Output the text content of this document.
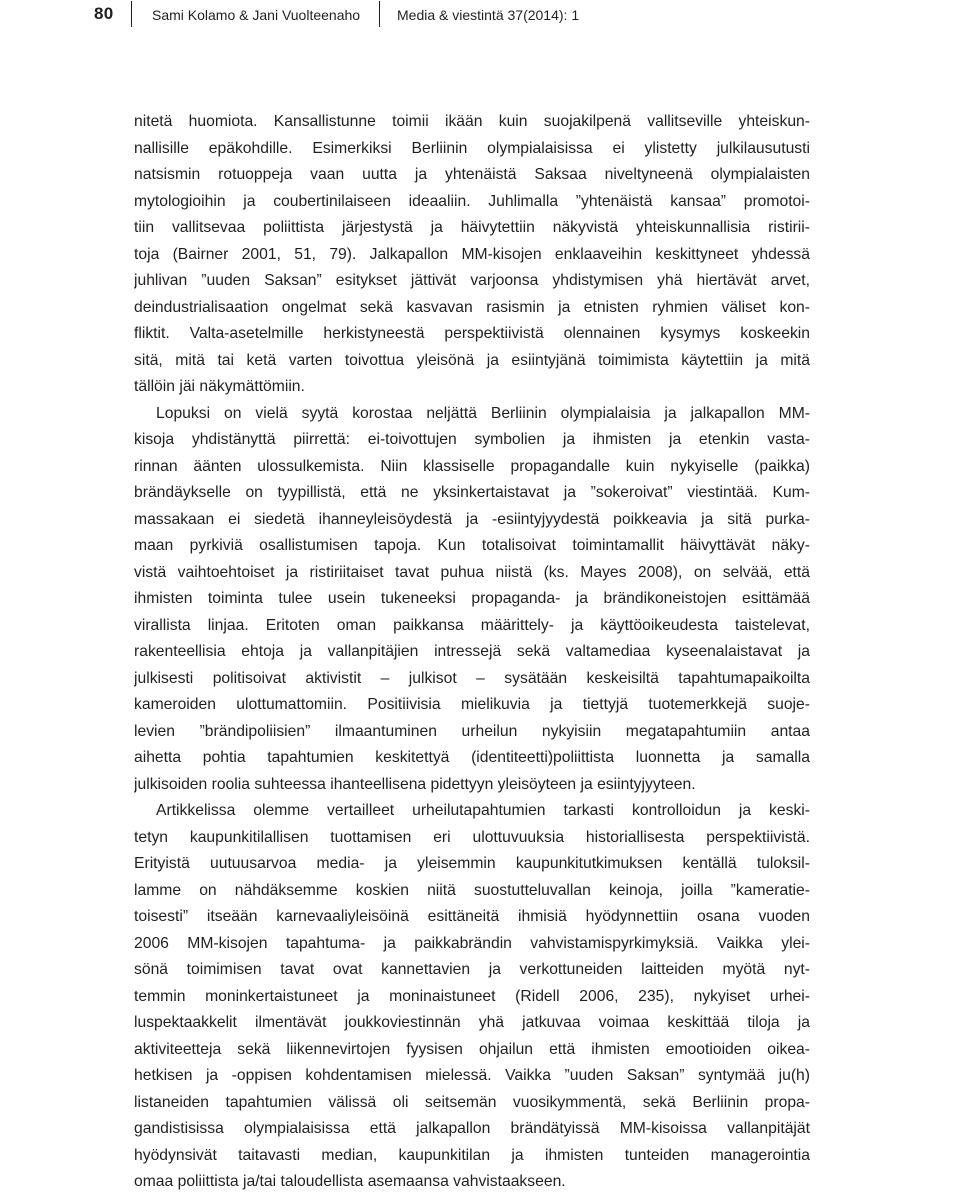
80	Sami Kolamo & Jani Vuolteenaho	Media & viestintä 37(2014): 1
nitetä huomiota. Kansallistunne toimii ikään kuin suojakilpenä vallitseville yhteiskun-
nallisille epäkohdille. Esimerkiksi Berliinin olympialaisissa ei ylistetty julkilausutusti
natsismin rotuoppeja vaan uutta ja yhtenäistä Saksaa niveltyneenä olympialaisten
mytologioihin ja coubertinilaiseen ideaaliin. Juhlimalla ”yhtenäistä kansaa” promotoi-
tiin vallitsevaa poliittista järjestystä ja häivytettiin näkyvistä yhteiskunnallisia ristirii-
toja (Bairner 2001, 51, 79). Jalkapallon MM-kisojen enklaaveihin keskittyneet yhdessä
juhlivan ”uuden Saksan” esitykset jättivät varjoonsa yhdistymisen yhä hiertävät arvet,
deindustrialisaation ongelmat sekä kasvavan rasismin ja etnisten ryhmien väliset kon-
fliktit. Valta-asetelmille herkistyneestä perspektiivistä olennainen kysymys koskeekin
sitä, mitä tai ketä varten toivottua yleisönä ja esiintyjänä toimimista käytettiin ja mitä
tällöin jäi näkymättömiin.
Lopuksi on vielä syytä korostaa neljättä Berliinin olympialaisia ja jalkapallon MM-
kisoja yhdistänyttä piirrettä: ei-toivottujen symbolien ja ihmisten ja etenkin vasta-
rinnan äänten ulossulkemista. Niin klassiselle propagandalle kuin nykyiselle (paikka)
brändäykselle on tyypillistä, että ne yksinkertaistavat ja ”sokeroivat” viestintää. Kum-
massakaan ei siedetä ihanneyleisöydestä ja -esiintyjyydestä poikkeavia ja sitä purka-
maan pyrkiviä osallistumisen tapoja. Kun totalisoivat toimintamallit häivyttävät näky-
vistä vaihtoehtoiset ja ristiriitaiset tavat puhua niistä (ks. Mayes 2008), on selvää, että
ihmisten toiminta tulee usein tukeneeksi propaganda- ja brändikoneistojen esittämää
virallista linjaa. Eritoten oman paikkansa määrittely- ja käyttöoikeudesta taistelevat,
rakenteellisia ehtoja ja vallanpitäjien intressejä sekä valtamediaa kyseenalaistavat ja
julkisesti politisoivat aktivistit – julkisot – sysätään keskeisiltä tapahtumapaikoilta
kameroiden ulottumattomiin. Positiivisia mielikuvia ja tiettyjä tuotemerkkejä suoje-
levien ”brändipoliisien” ilmaantuminen urheilun nykyisiin megatapahtumiin antaa
aihetta pohtia tapahtumien keskitettyä (identiteetti)poliittista luonnetta ja samalla
julkisoiden roolia suhteessa ihanteellisena pidettyyn yleisöyteen ja esiintyjyyteen.
Artikkelissa olemme vertailleet urheilutapahtumien tarkasti kontrolloidun ja keski-
tetyn kaupunkitilallisen tuottamisen eri ulottuvuuksia historiallisesta perspektiivistä.
Erityistä uutuusarvoa media- ja yleisemmin kaupunkitutkimuksen kentällä tuloksil-
lamme on nähdäksemme koskien niitä suostutteluvallan keinoja, joilla ”kameratie-
toisesti” itseään karnevaaliyleisöinä esittäneitä ihmisiä hyödynnettiin osana vuoden
2006 MM-kisojen tapahtuma- ja paikkabrändin vahvistamispyrkimyksiä. Vaikka ylei-
sönä toimimisen tavat ovat kannettavien ja verkottuneiden laitteiden myötä nyt-
temmin moninkertaistuneet ja moninaistuneet (Ridell 2006, 235), nykyiset urhei-
luspektaakkelit ilmentävät joukkoviestinnän yhä jatkuvaa voimaa keskittää tiloja ja
aktiviteetteja sekä liikennevirtojen fyysisen ohjailun että ihmisten emootioiden oikea-
hetkisen ja -oppisen kohdentamisen mielessä. Vaikka ”uuden Saksan” syntymää ju(h)
listaneiden tapahtumien välissä oli seitsemän vuosikymmentä, sekä Berliinin propa-
gandistisissa olympialaisissa että jalkapallon brändätyissä MM-kisoissa vallanpitäjät
hyödynsivät taitavasti median, kaupunkitilan ja ihmisten tunteiden managerointia
omaa poliittista ja/tai taloudellista asemaansa vahvistaakseen.
